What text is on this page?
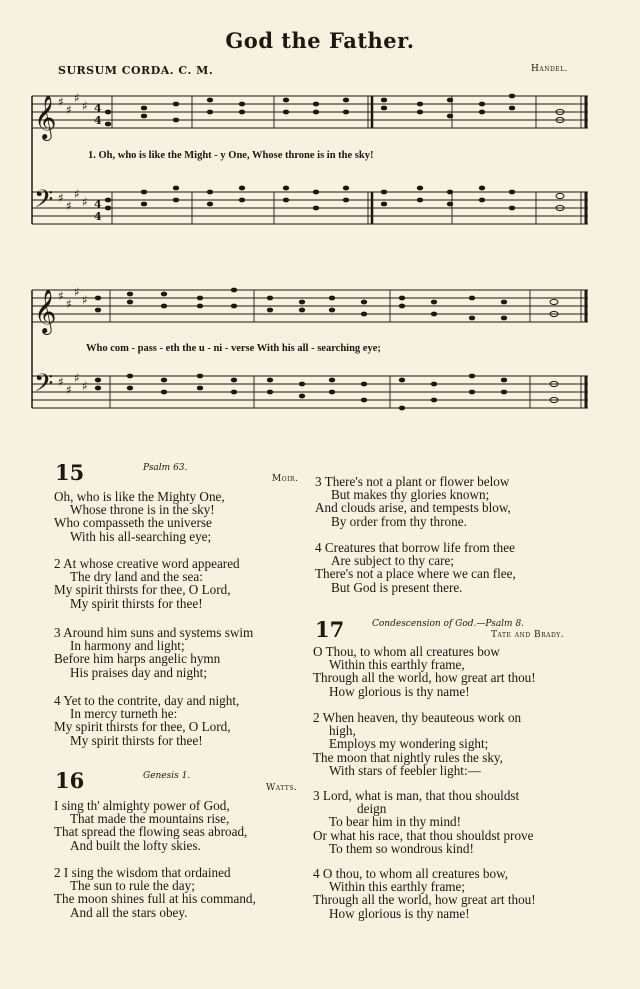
God the Father.
SURSUM CORDA. C. M.	Handel.
𝄞
𝄢
♯
♯
♯
♯
♯
♯
♯
♯
4
4
4
4
1. Oh, who is like the Might - y One, Whose throne is in the sky!
𝄞
𝄢
♯
♯
♯
♯
♯
♯
♯
♯
Who com - pass - eth the u - ni - verse With his all - searching eye;
15	Psalm 63.
Moir.
Oh, who is like the Mighty One,
Whose throne is in the sky!
Who compasseth the universe
With his all-searching eye;
2 At whose creative word appeared
The dry land and the sea:
My spirit thirsts for thee, O Lord,
My spirit thirsts for thee!
3 Around him suns and systems swim
In harmony and light;
Before him harps angelic hymn
His praises day and night;
4 Yet to the contrite, day and night,
In mercy turneth he:
My spirit thirsts for thee, O Lord,
My spirit thirsts for thee!
16	Genesis 1.
Watts.
I sing th' almighty power of God,
That made the mountains rise,
That spread the flowing seas abroad,
And built the lofty skies.
2 I sing the wisdom that ordained
The sun to rule the day;
The moon shines full at his command,
And all the stars obey.
3 There's not a plant or flower below
But makes thy glories known;
And clouds arise, and tempests blow,
By order from thy throne.
4 Creatures that borrow life from thee
Are subject to thy care;
There's not a place where we can flee,
But God is present there.
17	Condescension of God.—Psalm 8.
Tate and Brady.
O Thou, to whom all creatures bow
Within this earthly frame,
Through all the world, how great art thou!
How glorious is thy name!
2 When heaven, thy beauteous work on
high,
Employs my wondering sight;
The moon that nightly rules the sky,
With stars of feebler light:—
3 Lord, what is man, that thou shouldst
deign
To bear him in thy mind!
Or what his race, that thou shouldst prove
To them so wondrous kind!
4 O thou, to whom all creatures bow,
Within this earthly frame;
Through all the world, how great art thou!
How glorious is thy name!
